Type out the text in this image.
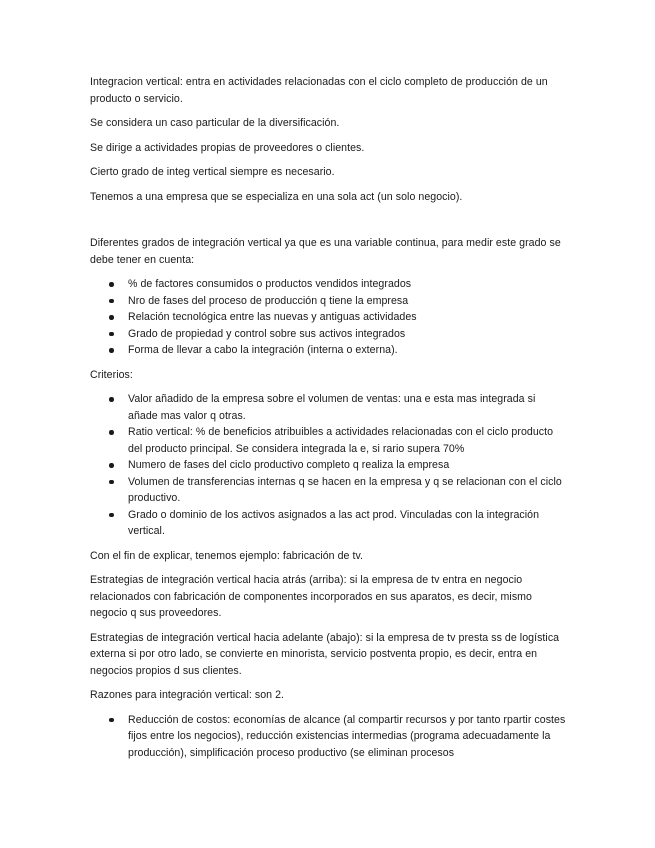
Integracion vertical: entra en actividades relacionadas con el ciclo completo de producción de un producto o servicio.

Se considera un caso particular de la diversificación.

Se dirige a actividades propias de proveedores o clientes.

Cierto grado de integ vertical siempre es necesario.

Tenemos a una empresa que se especializa en una sola act (un solo negocio).

Diferentes grados de integración vertical ya que es una variable continua, para medir este grado se debe tener en cuenta:

% de factores consumidos o productos vendidos integrados
Nro de fases del proceso de producción q tiene la empresa
Relación tecnológica entre las nuevas y antiguas actividades
Grado de propiedad y control sobre sus activos integrados
Forma de llevar a cabo la integración (interna o externa).

Criterios:

Valor añadido de la empresa sobre el volumen de ventas: una e esta mas integrada si añade mas valor q otras.
Ratio vertical: % de beneficios atribuibles a actividades relacionadas con el ciclo producto del producto principal. Se considera integrada la e, si rario supera 70%
Numero de fases del ciclo productivo completo q realiza la empresa
Volumen de transferencias internas q se hacen en la empresa y q se relacionan con el ciclo productivo.
Grado o dominio de los activos asignados a las act prod. Vinculadas con la integración vertical.

Con el fin de explicar, tenemos ejemplo: fabricación de tv.

Estrategias de integración vertical hacia atrás (arriba): si la empresa de tv entra en negocio relacionados con fabricación de componentes incorporados en sus aparatos, es decir, mismo negocio q sus proveedores.

Estrategias de integración vertical hacia adelante (abajo): si la empresa de tv presta ss de logística externa si por otro lado, se convierte en minorista, servicio postventa propio, es decir, entra en negocios propios d sus clientes.

Razones para integración vertical: son 2.

Reducción de costos: economías de alcance (al compartir recursos y por tanto rpartir costes fijos entre los negocios), reducción existencias intermedias (programa adecuadamente la producción), simplificación proceso productivo (se eliminan procesos
